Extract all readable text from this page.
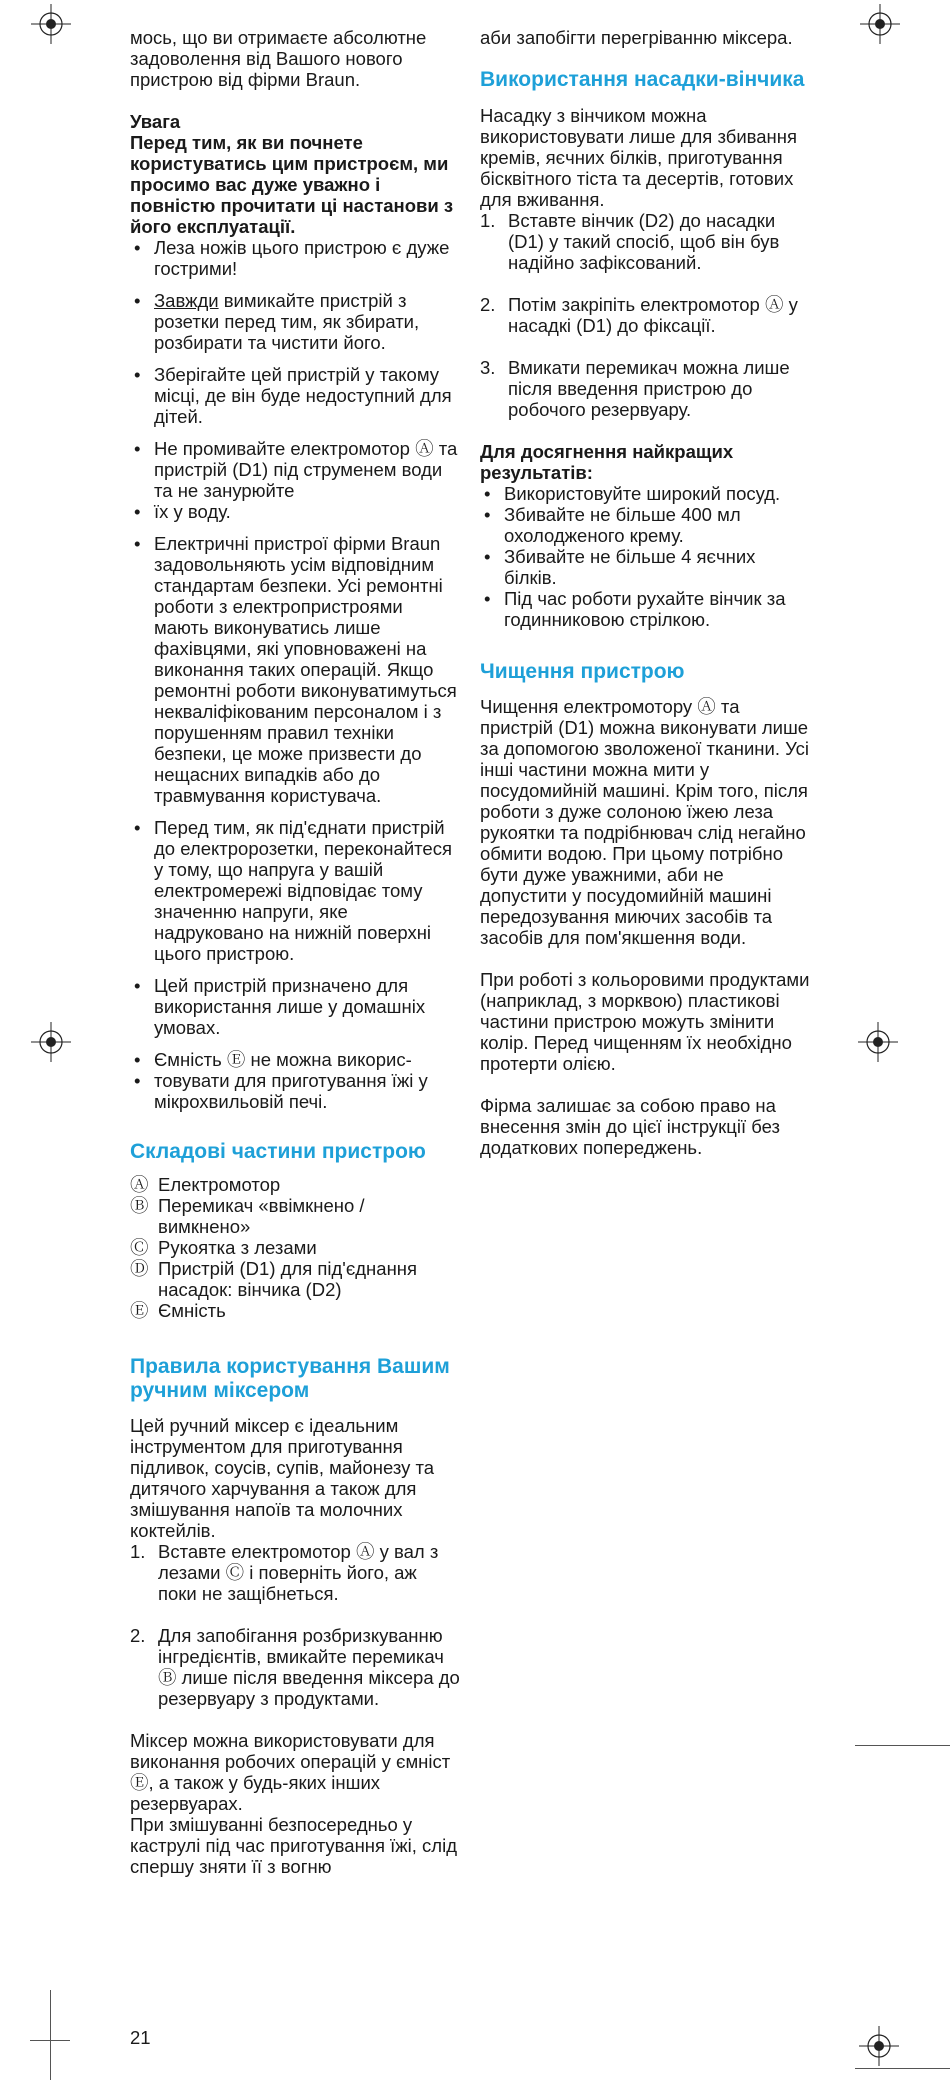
мось, що ви отримаєте абсолютне задоволення від Вашого нового пристрою від фірми Braun.

Увага

Перед тим, як ви почнете користуватись цим пристроєм, ми просимо вас дуже уважно і повністю прочитати ці настанови з його експлуатації.

• Леза ножів цього пристрою є дуже гострими!
• Завжди вимикайте пристрій з розетки перед тим, як збирати, розбирати та чистити його.
• Зберігайте цей пристрій у такому місці, де він буде недоступний для дітей.
• Не промивайте електромотор Ⓐ та пристрій (D1) під струменем води та не занурюйте
• їх у воду.
• Електричні пристрої фірми Braun задовольняють усім відповідним стандартам безпеки. Усі ремонтні роботи з електропристроями мають виконуватись лише фахівцями, які уповноважені на виконання таких операцій. Якщо ремонтні роботи виконуватимуться некваліфікованим персоналом і з порушенням правил техніки безпеки, це може призвести до нещасних випадків або до травмування користувача.
• Перед тим, як під'єднати пристрій до електророзетки, переконайтеся у тому, що напруга у вашій електромережі відповідає тому значенню напруги, яке надруковано на нижній поверхні цього пристрою.
• Цей пристрій призначено для використання лише у домашніх умовах.
• Ємність Ⓔ не можна викорис-
• товувати для приготування їжі у мікрохвильовій печі.
Складові частини пристрою
Ⓐ Електромотор
Ⓑ Перемикач «ввімкнено / вимкнено»
Ⓒ Рукоятка з лезами
Ⓓ Пристрій (D1) для під'єднання насадок: вінчика (D2)
Ⓔ Ємність
Правила користування Вашим ручним міксером

Цей ручний міксер є ідеальним інструментом для приготування підливок, соусів, супів, майонезу та дитячого харчування а також для змішування напоїв та молочних коктейлів.

1. Вставте електромотор Ⓐ у вал з лезами Ⓒ і поверніть його, аж поки не защібнеться.
2. Для запобігання розбризкуванню інгредієнтів, вмикайте перемикач Ⓑ лише після введення міксера до резервуару з продуктами.

Міксер можна використовувати для виконання робочих операцій у ємніст Ⓔ, а також у будь-яких інших резервуарах.

При змішуванні безпосередньо у каструлі під час приготування їжі, слід спершу зняти її з вогню

аби запобігти перегріванню міксера.

Використання насадки-вінчика

Насадку з вінчиком можна використовувати лише для збивання кремів, яєчних білків, приготування бісквітного тіста та десертів, готових для вживання.

1. Вставте вінчик (D2) до насадки (D1) у такий спосіб, щоб він був надійно зафіксований.
2. Потім закріпіть електромотор Ⓐ у насадкі (D1) до фіксації.
3. Вмикати перемикач можна лише після введення пристрою до робочого резервуару.

Для досягнення найкращих результатів:

• Використовуйте широкий посуд.
• Збивайте не більше 400 мл охолодженого крему.
• Збивайте не більше 4 яєчних білків.
• Під час роботи рухайте вінчик за годинниковою стрілкою.
Чищення пристрою

Чищення електромотору Ⓐ та пристрій (D1) можна виконувати лише за допомогою зволоженої тканини. Усі інші частини можна мити у посудомийній машині. Крім того, після роботи з дуже солоною їжею леза рукоятки та подрібнювач слід негайно обмити водою. При цьому потрібно бути дуже уважними, аби не допустити у посудомийній машині передозування миючих засобів та засобів для пом'якшення води.

При роботі з кольоровими продуктами (наприклад, з морквою) пластикові частини пристрою можуть змінити колір. Перед чищенням їх необхідно протерти олією.

Фірма залишає за собою право на внесення змін до цієї інструкції без додаткових попереджень.

21
